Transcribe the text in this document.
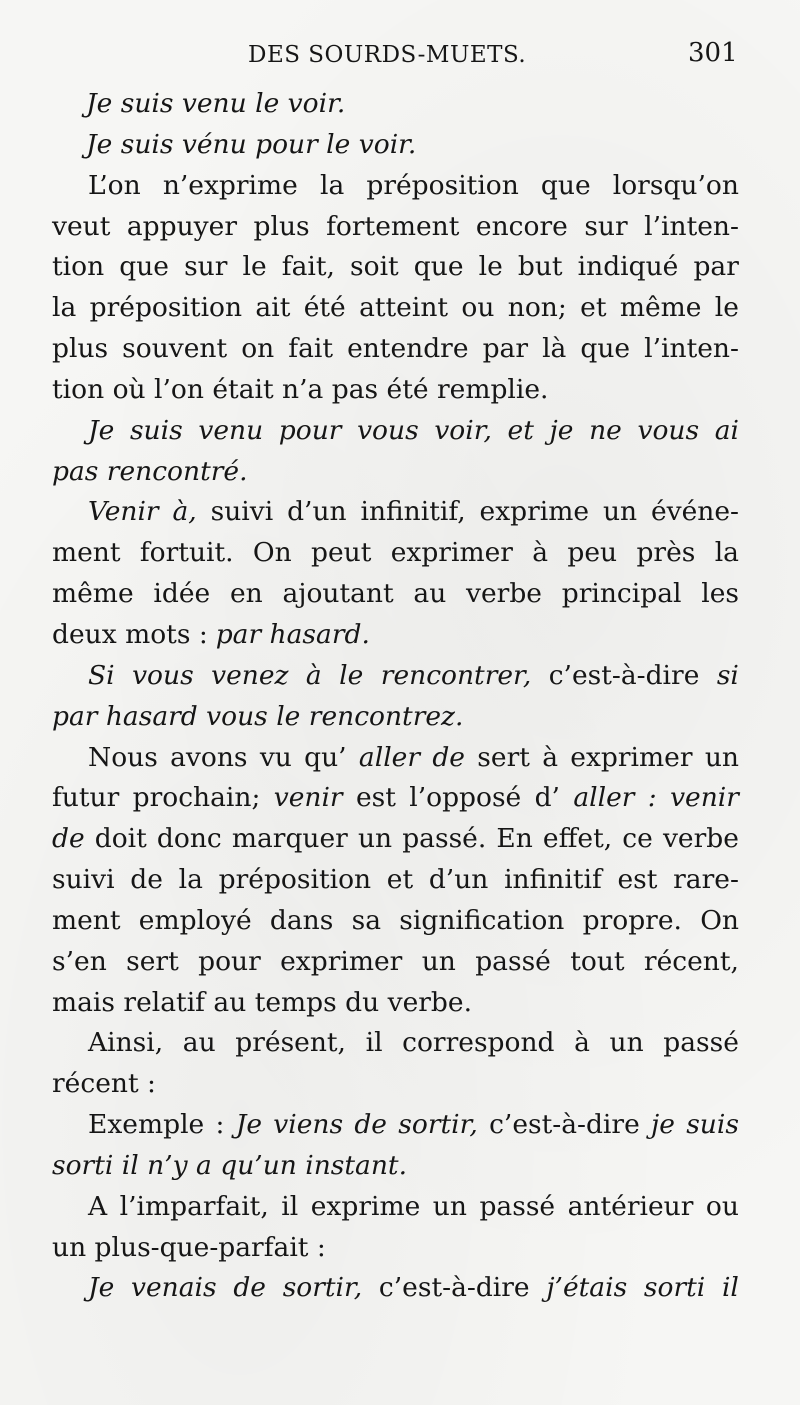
DES SOURDS-MUETS.	301
Je suis venu le voir.
Je suis vénu pour le voir.
L’on n’exprime la préposition que lorsqu’on
veut appuyer plus fortement encore sur l’inten-
tion que sur le fait, soit que le but indiqué par
la préposition ait été atteint ou non; et même le
plus souvent on fait entendre par là que l’inten-
tion où l’on était n’a pas été remplie.
Je suis venu pour vous voir, et je ne vous ai
pas rencontré.
Venir à, suivi d’un infinitif, exprime un événe-
ment fortuit. On peut exprimer à peu près la
même idée en ajoutant au verbe principal les
deux mots : par hasard.
Si vous venez à le rencontrer, c’est-à-dire si
par hasard vous le rencontrez.
Nous avons vu qu’ aller de sert à exprimer un
futur prochain; venir est l’opposé d’ aller : venir
de doit donc marquer un passé. En effet, ce verbe
suivi de la préposition et d’un infinitif est rare-
ment employé dans sa signification propre. On
s’en sert pour exprimer un passé tout récent,
mais relatif au temps du verbe.
Ainsi, au présent, il correspond à un passé
récent :
Exemple : Je viens de sortir, c’est-à-dire je suis
sorti il n’y a qu’un instant.
A l’imparfait, il exprime un passé antérieur ou
un plus-que-parfait :
Je venais de sortir, c’est-à-dire j’étais sorti il
